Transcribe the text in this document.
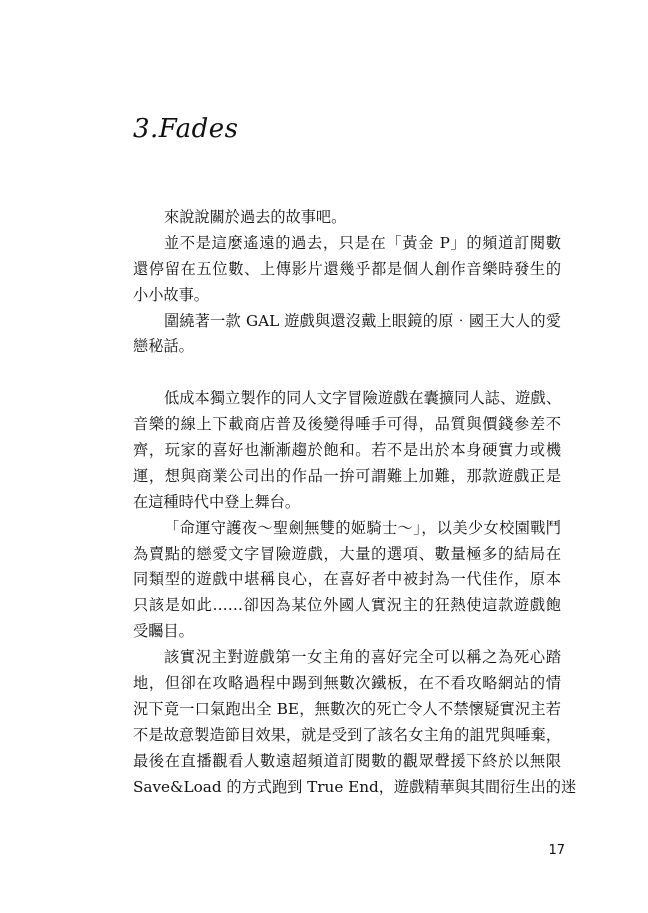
3.Fades
來說說關於過去的故事吧。
並不是這麼遙遠的過去，只是在「黃金 P」的頻道訂閱數
還停留在五位數、上傳影片還幾乎都是個人創作音樂時發生的
小小故事。
圍繞著一款 GAL 遊戲與還沒戴上眼鏡的原‧國王大人的愛
戀秘話。
低成本獨立製作的同人文字冒險遊戲在囊擴同人誌、遊戲、
音樂的線上下載商店普及後變得唾手可得，品質與價錢參差不
齊，玩家的喜好也漸漸趨於飽和。若不是出於本身硬實力或機
運，想與商業公司出的作品一拚可謂難上加難，那款遊戲正是
在這種時代中登上舞台。
「命運守護夜～聖劍無雙的姬騎士～」，以美少女校園戰鬥
為賣點的戀愛文字冒險遊戲，大量的選項、數量極多的結局在
同類型的遊戲中堪稱良心，在喜好者中被封為一代佳作，原本
只該是如此……卻因為某位外國人實況主的狂熱使這款遊戲飽
受矚目。
該實況主對遊戲第一女主角的喜好完全可以稱之為死心踏
地，但卻在攻略過程中踢到無數次鐵板，在不看攻略網站的情
況下竟一口氣跑出全 BE，無數次的死亡令人不禁懷疑實況主若
不是故意製造節目效果，就是受到了該名女主角的詛咒與唾棄，
最後在直播觀看人數遠超頻道訂閱數的觀眾聲援下終於以無限
Save&Load 的方式跑到 True End，遊戲精華與其間衍生出的迷

17
